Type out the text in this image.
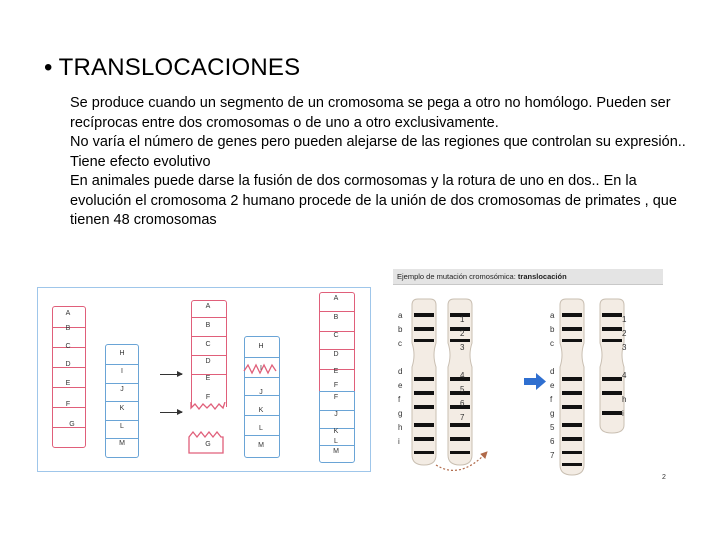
• TRANSLOCACIONES

Se produce cuando un segmento de un cromosoma se pega a otro no homólogo. Pueden ser recíprocas entre dos cromosomas o de uno a otro exclusivamente.

No varía el número de genes pero pueden alejarse de las regiones que controlan su expresión.. Tiene efecto evolutivo

En animales puede darse la fusión de dos cormosomas y la rotura de uno en dos.. En la evolución el cromosoma 2 humano procede de la unión de dos cromosomas de primates , que tienen 48 cromosomas

A
B
C
D
E
F
G
H
I
J
K
L
M
A
B
C
D
E
F
G
H
I
J
K
L
M
A
B
C
D
E
F
F
J
K
L
M
Ejemplo de mutación cromosómica: translocación
a
b
c
d
e
f
g
h
i
1
2
3
4
5
6
7
a
b
c
d
e
f
g
5
6
7
1
2
3
4
h
i
2
